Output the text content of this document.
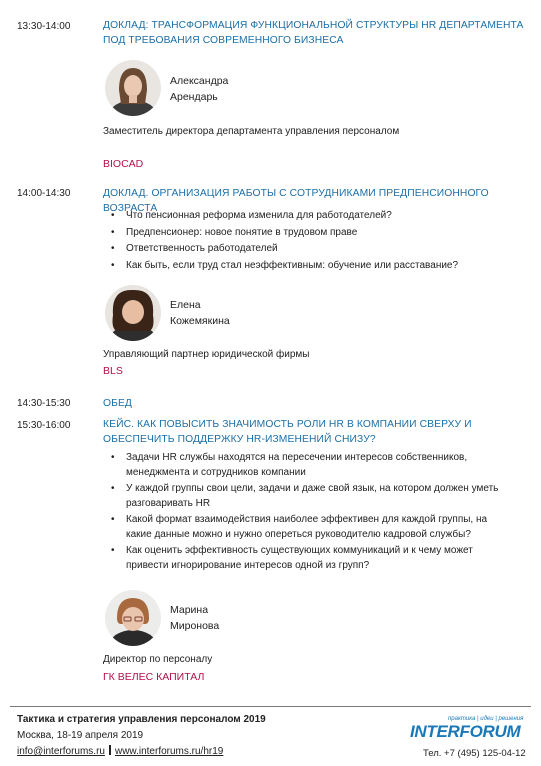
13:30-14:00	ДОКЛАД: ТРАНСФОРМАЦИЯ ФУНКЦИОНАЛЬНОЙ СТРУКТУРЫ HR ДЕПАРТАМЕНТА ПОД ТРЕБОВАНИЯ СОВРЕМЕННОГО БИЗНЕСА
Александра
Арендарь
Заместитель директора департамента управления персоналом
BIOCAD
14:00-14:30	ДОКЛАД. ОРГАНИЗАЦИЯ РАБОТЫ С СОТРУДНИКАМИ ПРЕДПЕНСИОННОГО ВОЗРАСТА
• Что пенсионная реформа изменила для работодателей?
• Предпенсионер: новое понятие в трудовом праве
• Ответственность работодателей
• Как быть, если труд стал неэффективным: обучение или расставание?
Елена
Кожемякина
Управляющий партнер юридической фирмы
BLS
14:30-15:30	ОБЕД
15:30-16:00	КЕЙС. КАК ПОВЫСИТЬ ЗНАЧИМОСТЬ РОЛИ HR В КОМПАНИИ СВЕРХУ И ОБЕСПЕЧИТЬ ПОДДЕРЖКУ HR-ИЗМЕНЕНИЙ СНИЗУ?
• Задачи HR службы находятся на пересечении интересов собственников, менеджмента и сотрудников компании
• У каждой группы свои цели, задачи и даже свой язык, на котором должен уметь разговаривать HR
• Какой формат взаимодействия наиболее эффективен для каждой группы, на какие данные можно и нужно опереться руководителю кадровой службы?
• Как оценить эффективность существующих коммуникаций и к чему может привести игнорирование интересов одной из групп?
Марина
Миронова
Директор по персоналу
ГК ВЕЛЕС КАПИТАЛ
Тактика и стратегия управления персоналом 2019
Москва, 18-19 апреля 2019
info@interforums.ru www.interforums.ru/hr19
практика | идеи | решения
INTERFORUM
Тел. +7 (495) 125-04-12
